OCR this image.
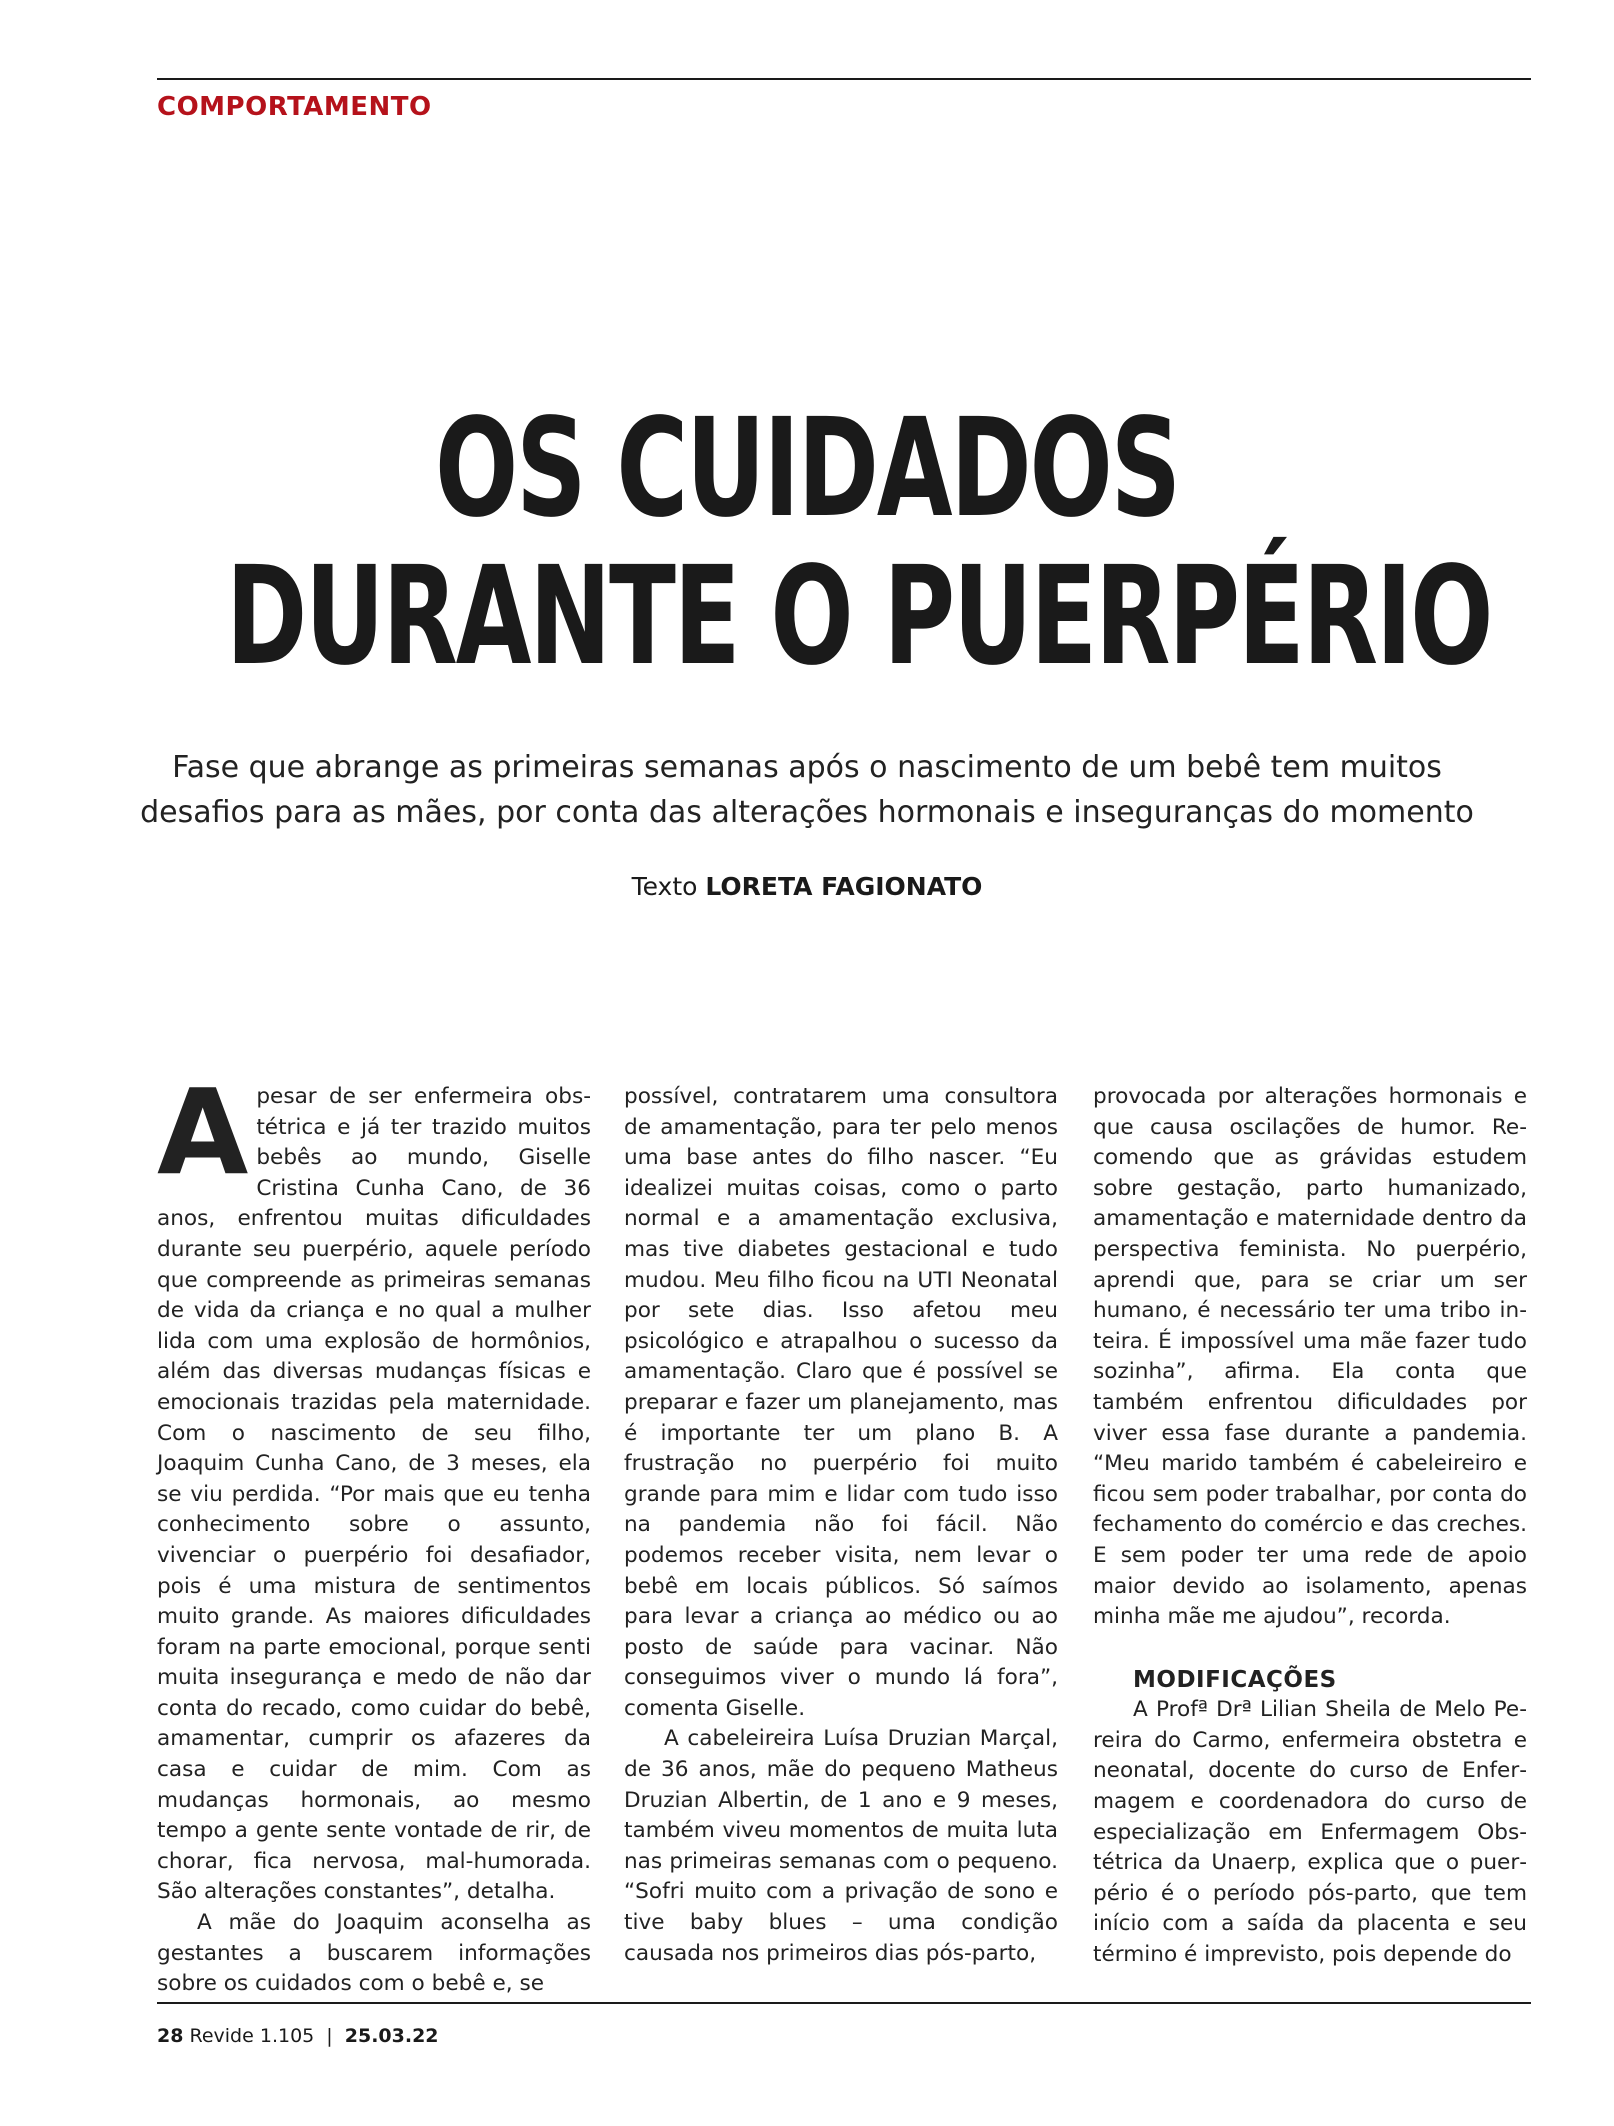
COMPORTAMENTO
OS CUIDADOS
DURANTE O PUERPÉRIO
Fase que abrange as primeiras semanas após o nascimento de um bebê tem muitos
desafios para as mães, por conta das alterações hormonais e inseguranças do momento
Texto LORETA FAGIONATO

Apesar de ser enfermeira obstétrica e já ter trazido muitos bebês ao mundo, Giselle Cristina Cunha Cano, de 36 anos, enfrentou muitas dificuldades durante seu puerpério, aquele período que compreende as primeiras semanas de vida da criança e no qual a mulher lida com uma explosão de hormônios, além das diversas mudanças físicas e emocionais trazidas pela maternidade. Com o nascimento de seu filho, Joaquim Cunha Cano, de 3 meses, ela se viu perdida. “Por mais que eu tenha conhecimento sobre o assunto, vivenciar o puerpério foi desafiador, pois é uma mistura de sentimentos muito grande. As maiores dificuldades foram na parte emocional, porque senti muita insegurança e medo de não dar conta do recado, como cuidar do bebê, amamentar, cumprir os afazeres da casa e cuidar de mim. Com as mudanças hormonais, ao mesmo tempo a gente sente vontade de rir, de chorar, fica nervosa, mal-humorada. São alterações constantes”, detalha.

A mãe do Joaquim aconselha as gestantes a buscarem informações sobre os cuidados com o bebê e, se

possível, contratarem uma consultora de amamentação, para ter pelo menos uma base antes do filho nascer. “Eu idealizei muitas coisas, como o parto normal e a amamentação exclusiva, mas tive diabetes gestacional e tudo mudou. Meu filho ficou na UTI Neonatal por sete dias. Isso afetou meu psicológico e atrapalhou o sucesso da amamentação. Claro que é possível se preparar e fazer um planejamento, mas é importante ter um plano B. A frustração no puerpério foi muito grande para mim e lidar com tudo isso na pandemia não foi fácil. Não podemos receber visita, nem levar o bebê em locais públicos. Só saímos para levar a criança ao médico ou ao posto de saúde para vacinar. Não conseguimos viver o mundo lá fora”, comenta Giselle.

A cabeleireira Luísa Druzian Marçal, de 36 anos, mãe do pequeno Matheus Druzian Albertin, de 1 ano e 9 meses, também viveu momentos de muita luta nas primeiras semanas com o pequeno. “Sofri muito com a privação de sono e tive baby blues – uma condição causada nos primeiros dias pós-parto,

provocada por alterações hormonais e que causa oscilações de humor. Recomendo que as grávidas estudem sobre gestação, parto humanizado, amamentação e maternidade dentro da perspectiva feminista. No puerpério, aprendi que, para se criar um ser humano, é necessário ter uma tribo inteira. É impossível uma mãe fazer tudo sozinha”, afirma. Ela conta que também enfrentou dificuldades por viver essa fase durante a pandemia. “Meu marido também é cabeleireiro e ficou sem poder trabalhar, por conta do fechamento do comércio e das creches. E sem poder ter uma rede de apoio maior devido ao isolamento, apenas minha mãe me ajudou”, recorda.

MODIFICAÇÕES

A Profª Drª Lilian Sheila de Melo Pereira do Carmo, enfermeira obstetra e neonatal, docente do curso de Enfermagem e coordenadora do curso de especialização em Enfermagem Obstétrica da Unaerp, explica que o puerpério é o período pós-parto, que tem início com a saída da placenta e seu término é imprevisto, pois depende do

28 Revide 1.105 | 25.03.22
